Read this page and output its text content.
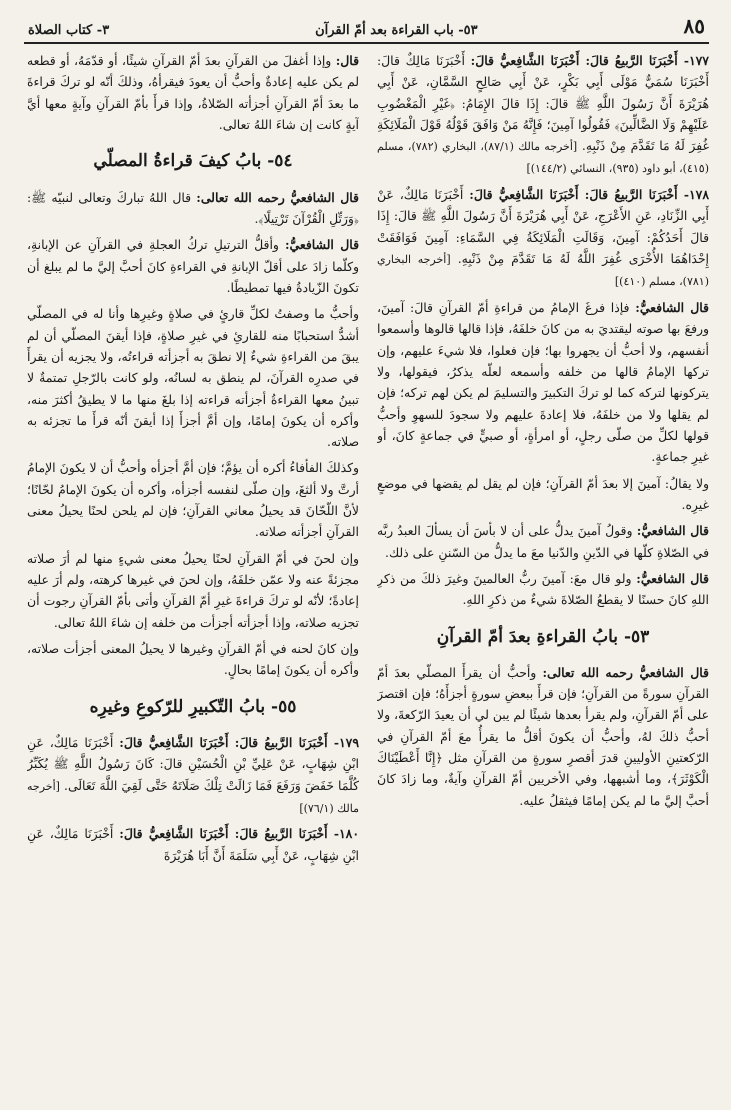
٨٥
٥٣- باب القراءة بعد أمّ القرآن
٣- كتاب الصلاة

١٧٧- أَخْبَرَنَا الرَّبيعُ قالَ: أَخْبَرَنَا الشَّافِعيُّ قالَ: أَخْبَرَنَا مَالِكٌ قالَ: أَخْبَرَنَا سُمَيٌّ مَوْلَى أَبِي بَكْرٍ، عَنْ أَبِي صَالِحٍ السَّمَّانِ، عَنْ أَبِي هُرَيْرَةَ أَنَّ رَسُولَ اللَّهِ ﷺ قالَ: إِذَا قالَ الإِمَامُ: ﴿غَيْرِ الْمَغْضُوبِ عَلَيْهِمْ وَلَا الضَّالِّينَ﴾ فَقُولُوا آمِينَ؛ فَإِنَّهُ مَنْ وَافَقَ قَوْلُهُ قَوْلَ الْمَلَائِكَةِ غُفِرَ لَهُ مَا تَقَدَّمَ مِنْ ذَنْبِهِ. [أخرجه مالك (٨٧/١)، البخاري (٧٨٢)، مسلم (٤١٥)، أبو داود (٩٣٥)، النسائي (١٤٤/٢)]

١٧٨- أَخْبَرَنَا الرَّبيعُ قالَ: أَخْبَرَنَا الشَّافِعيُّ قالَ: أَخْبَرَنَا مَالِكٌ، عَنْ أَبِي الزِّنَادِ، عَنِ الأَعْرَجِ، عَنْ أَبِي هُرَيْرَةَ أَنَّ رَسُولَ اللَّهِ ﷺ قالَ: إِذَا قالَ أَحَدُكُمْ: آمِينَ، وَقَالَتِ الْمَلَائِكَةُ فِي السَّمَاءِ: آمِينَ فَوَافَقَتْ إِحْدَاهُمَا الأُخْرَى غُفِرَ اللَّهُ لَهُ مَا تَقَدَّمَ مِنْ ذَنْبِهِ. [أخرجه البخاري (٧٨١)، مسلم (٤١٠)]

قال الشافعيُّ: فإذا فرغَ الإمامُ من قراءةِ أمّ القرآنِ قالَ: آمينَ، ورفعَ بها صوته ليقتديَ به من كانَ خلفَهُ، فإذا قالها قالوها وأسمعوا أنفسهم، ولا أحبُّ أن يجهروا بها؛ فإن فعلوا، فلا شيءَ عليهم، وإن تركها الإمامُ قالها من خلفه وأسمعه لعلّه يذكرُ، فيقولها، ولا يتركونها لتركه كما لو تركَ التكبيرَ والتسليمَ لم يكن لهم تركه؛ فإن لم يقلها ولا من خلفَهُ، فلا إعادةَ عليهم ولا سجودَ للسهوِ وأحبُّ قولها لكلِّ من صلّى رجلٍ، أو امرأةٍ، أو صبيٍّ في جماعةٍ كانَ، أو غيرِ جماعةٍ.

ولا يقالُ: آمينَ إلا بعدَ أمّ القرآنِ؛ فإن لم يقل لم يقضها في موضعٍ غيرِه.

قال الشافعيُّ: وقولُ آمينَ يدلُّ على أن لا بأسَ أن يسألَ العبدُ ربَّه في الصّلاةِ كلّها في الدّينِ والدّنيا معَ ما يدلُّ من السّننِ على ذلك.

قال الشافعيُّ: ولو قال معَ: آمينَ ربُّ العالمينَ وغيرَ ذلكَ من ذكرِ اللهِ كانَ حسنًا لا يقطعُ الصّلاةَ شيءٌ من ذكرِ اللهِ.

٥٣- بابُ القراءةِ بعدَ أمّ القرآنِ

قال الشافعيُّ رحمه الله تعالى: وأحبُّ أن يقرأَ المصلّي بعدَ أمّ القرآنِ سورةً من القرآنِ؛ فإن قرأَ ببعضِ سورةٍ أجزأَهُ؛ فإن اقتصرَ على أمّ القرآنِ، ولم يقرأ بعدها شيئًا لم يبن لي أن يعيدَ الرّكعةَ، ولا أحبُّ ذلكَ لهُ، وأحبُّ أن يكونَ أقلُّ ما يقرأُ معَ أمّ القرآنِ في الرّكعتينِ الأوليينِ قدرَ أقصرِ سورةٍ من القرآنِ مثل ﴿إِنَّا أَعْطَيْنَاكَ الْكَوْثَرَ﴾، وما أشبهها، وفي الأخريين أمّ القرآنِ وآيةٌ، وما زادَ كانَ أحبَّ إليَّ ما لم يكن إمامًا فيثقلُ عليه.

قال: وإذا أغفلَ من القرآنِ بعدَ أمّ القرآنِ شيئًا، أو قدّمَهُ، أو قطعه لم يكن عليه إعادةٌ وأحبُّ أن يعودَ فيقرأهُ، وذلكَ أنّه لو تركَ قراءةَ ما بعدَ أمّ القرآنِ أجزأته الصّلاةُ، وإذا قرأَ بأمّ القرآنِ وآيةٍ معها أيَّ آيةٍ كانت إن شاءَ اللهُ تعالى.

٥٤- بابُ كيفَ قراءةُ المصلّي

قال الشافعيُّ رحمه الله تعالى: قال اللهُ تباركَ وتعالى لنبيّه ﷺ: ﴿وَرَتِّلِ الْقُرْآنَ تَرْتِيلًا﴾.

قال الشافعيُّ: وأقلُّ الترتيلِ تركُ العجلةِ في القرآنِ عن الإبانةِ، وكلّما زادَ على أقلّ الإبانةِ في القراءةِ كانَ أحبَّ إليَّ ما لم يبلغ أن تكونَ الزّيادةُ فيها تمطيطًا.

وأحبُّ ما وصفتُ لكلِّ قارئٍ في صلاةٍ وغيرِها وأنا له في المصلّي أشدُّ استحبابًا منه للقارئِ في غيرِ صلاةٍ، فإذا أيقنَ المصلّي أن لم يبقَ من القراءةِ شيءٌ إلا نطقَ به أجزأته قراءتُه، ولا يجزيه أن يقرأَ في صدرِه القرآنَ، لم ينطق به لسانُه، ولو كانت بالرّجلِ تمتمةٌ لا تبينُ معها القراءةُ أجزأته قراءته إذا بلغَ منها ما لا يطيقُ أكثرَ منه، وأكره أن يكونَ إمامًا، وإن أمَّ أجزأَ إذا أيقنَ أنّه قرأَ ما تجزئه به صلاته.

وكذلكَ الفأفاءُ أكره أن يؤمَّ؛ فإن أمَّ أجزأه وأحبُّ أن لا يكونَ الإمامُ أرتَّ ولا ألثغَ، وإن صلّى لنفسه أجزأه، وأكره أن يكونَ الإمامُ لحّانًا؛ لأنَّ اللّحّانَ قد يحيلُ معاني القرآنِ؛ فإن لم يلحن لحنًا يحيلُ معنى القرآنِ أجزأته صلاته.

وإن لحنَ في أمّ القرآنِ لحنًا يحيلُ معنى شيءٍ منها لم أرَ صلاته مجزئةً عنه ولا عمّن خلفَهُ، وإن لحنَ في غيرها كرهته، ولم أرَ عليه إعادةً؛ لأنّه لو تركَ قراءةَ غيرِ أمّ القرآنِ وأتى بأمّ القرآنِ رجوت أن تجزيه صلاته، وإذا أجزأته أجزأت من خلفه إن شاءَ اللهُ تعالى.

وإن كانَ لحنه في أمّ القرآنِ وغيرها لا يحيلُ المعنى أجزأت صلاته، وأكره أن يكونَ إمامًا بحالٍ.

٥٥- بابُ التّكبيرِ للرّكوعِ وغيرِه

١٧٩- أَخْبَرَنَا الرَّبيعُ قالَ: أَخْبَرَنَا الشَّافِعيُّ قالَ: أَخْبَرَنَا مَالِكٌ، عَنِ ابْنِ شِهَابٍ، عَنْ عَلِيِّ بْنِ الْحُسَيْنِ قالَ: كَانَ رَسُولُ اللَّهِ ﷺ يُكَبِّرُ كُلَّمَا خَفَضَ وَرَفَعَ فَمَا زَالَتْ تِلْكَ صَلَاتَهُ حَتَّى لَقِيَ اللَّهَ تَعَالَى. [أخرجه مالك (٧٦/١)]

١٨٠- أَخْبَرَنَا الرَّبيعُ قالَ: أَخْبَرَنَا الشَّافِعيُّ قالَ: أَخْبَرَنَا مَالِكٌ، عَنِ ابْنِ شِهَابٍ، عَنْ أَبِي سَلَمَةَ أَنَّ أَبَا هُرَيْرَةَ
